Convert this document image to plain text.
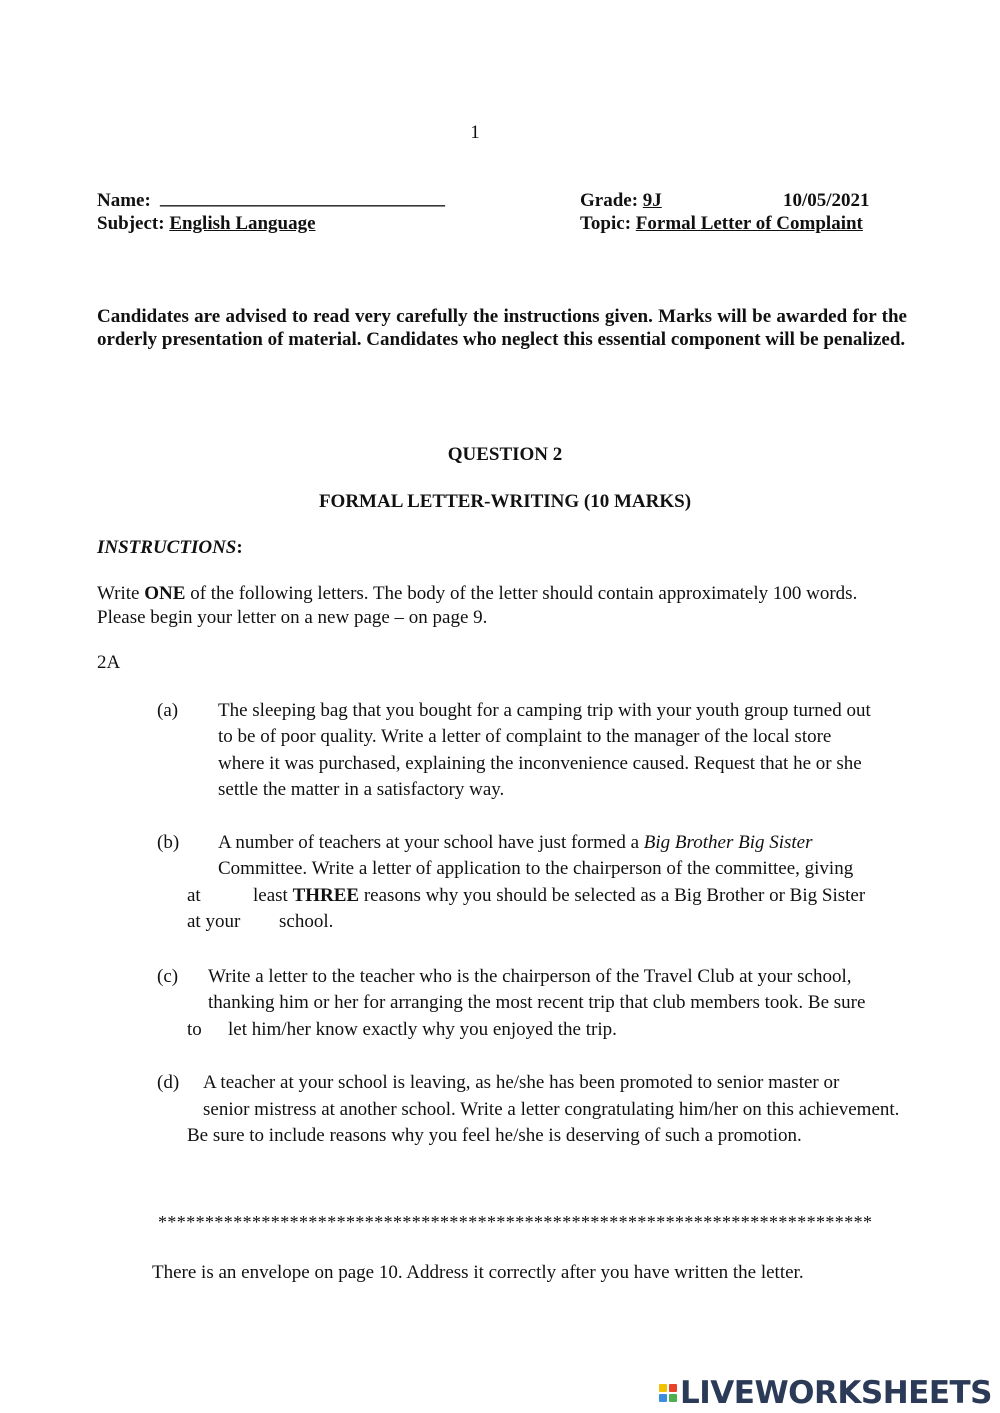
1
Name: ______________________________	Grade: 9J	10/05/2021
Subject: English Language	Topic: Formal Letter of Complaint
Candidates are advised to read very carefully the instructions given. Marks will be awarded for the orderly presentation of material. Candidates who neglect this essential component will be penalized.
QUESTION 2
FORMAL LETTER-WRITING (10 MARKS)
INSTRUCTIONS:
Write ONE of the following letters. The body of the letter should contain approximately 100 words.
Please begin your letter on a new page – on page 9.
2A
(a) The sleeping bag that you bought for a camping trip with your youth group turned out
to be of poor quality. Write a letter of complaint to the manager of the local store
where it was purchased, explaining the inconvenience caused. Request that he or she
settle the matter in a satisfactory way.
(b) A number of teachers at your school have just formed a Big Brother Big Sister
Committee. Write a letter of application to the chairperson of the committee, giving
at	least THREE reasons why you should be selected as a Big Brother or Big Sister
at your school.
(c) Write a letter to the teacher who is the chairperson of the Travel Club at your school,
thanking him or her for arranging the most recent trip that club members took. Be sure
to let him/her know exactly why you enjoyed the trip.
(d) A teacher at your school is leaving, as he/she has been promoted to senior master or
senior mistress at another school. Write a letter congratulating him/her on this achievement.
Be sure to include reasons why you feel he/she is deserving of such a promotion.
****************************************************************************
There is an envelope on page 10. Address it correctly after you have written the letter.
LIVEWORKSHEETS
